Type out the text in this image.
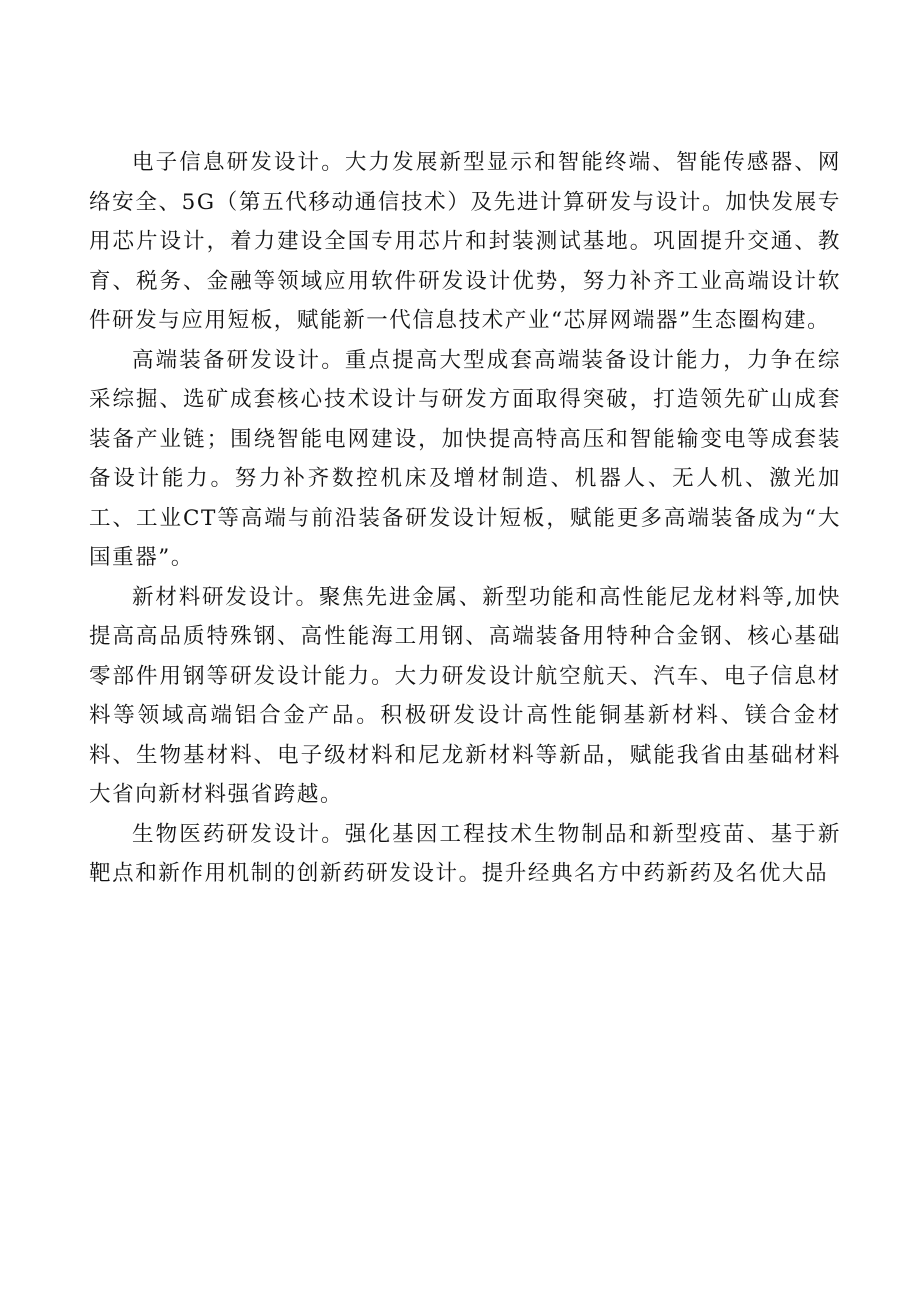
电子信息研发设计。大力发展新型显示和智能终端、智能传感器、网络安全、5G（第五代移动通信技术）及先进计算研发与设计。加快发展专用芯片设计，着力建设全国专用芯片和封装测试基地。巩固提升交通、教育、税务、金融等领域应用软件研发设计优势，努力补齐工业高端设计软件研发与应用短板，赋能新一代信息技术产业“芯屏网端器”生态圈构建。

高端装备研发设计。重点提高大型成套高端装备设计能力，力争在综采综掘、选矿成套核心技术设计与研发方面取得突破，打造领先矿山成套装备产业链；围绕智能电网建设，加快提高特高压和智能输变电等成套装备设计能力。努力补齐数控机床及增材制造、机器人、无人机、激光加工、工业CT等高端与前沿装备研发设计短板，赋能更多高端装备成为“大国重器”。

新材料研发设计。聚焦先进金属、新型功能和高性能尼龙材料等,加快提高高品质特殊钢、高性能海工用钢、高端装备用特种合金钢、核心基础零部件用钢等研发设计能力。大力研发设计航空航天、汽车、电子信息材料等领域高端铝合金产品。积极研发设计高性能铜基新材料、镁合金材料、生物基材料、电子级材料和尼龙新材料等新品，赋能我省由基础材料大省向新材料强省跨越。

生物医药研发设计。强化基因工程技术生物制品和新型疫苗、基于新靶点和新作用机制的创新药研发设计。提升经典名方中药新药及名优大品
